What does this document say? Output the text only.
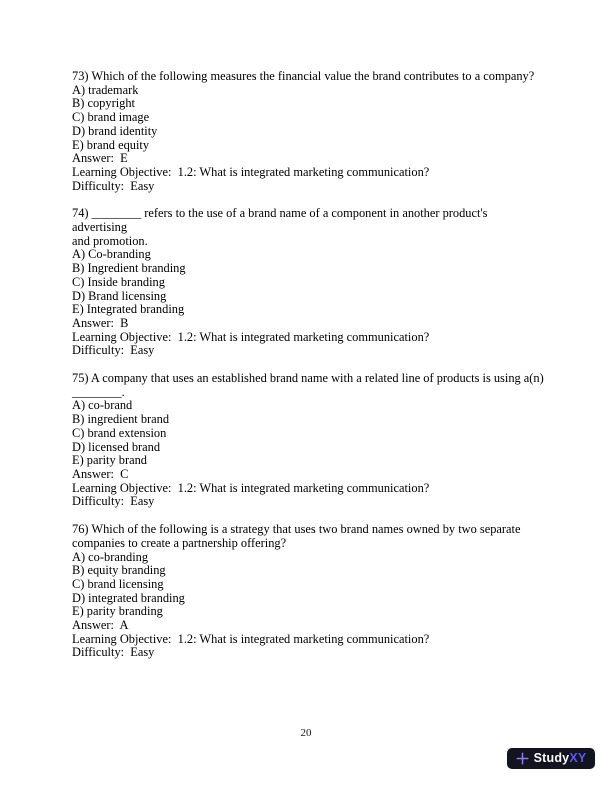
73) Which of the following measures the financial value the brand contributes to a company?
A) trademark
B) copyright
C) brand image
D) brand identity
E) brand equity
Answer:  E
Learning Objective:  1.2: What is integrated marketing communication?
Difficulty:  Easy
74) ________ refers to the use of a brand name of a component in another product's advertising
and promotion.
A) Co-branding
B) Ingredient branding
C) Inside branding
D) Brand licensing
E) Integrated branding
Answer:  B
Learning Objective:  1.2: What is integrated marketing communication?
Difficulty:  Easy
75) A company that uses an established brand name with a related line of products is using a(n)
________.
A) co-brand
B) ingredient brand
C) brand extension
D) licensed brand
E) parity brand
Answer:  C
Learning Objective:  1.2: What is integrated marketing communication?
Difficulty:  Easy
76) Which of the following is a strategy that uses two brand names owned by two separate
companies to create a partnership offering?
A) co-branding
B) equity branding
C) brand licensing
D) integrated branding
E) parity branding
Answer:  A
Learning Objective:  1.2: What is integrated marketing communication?
Difficulty:  Easy
20
StudyXY
